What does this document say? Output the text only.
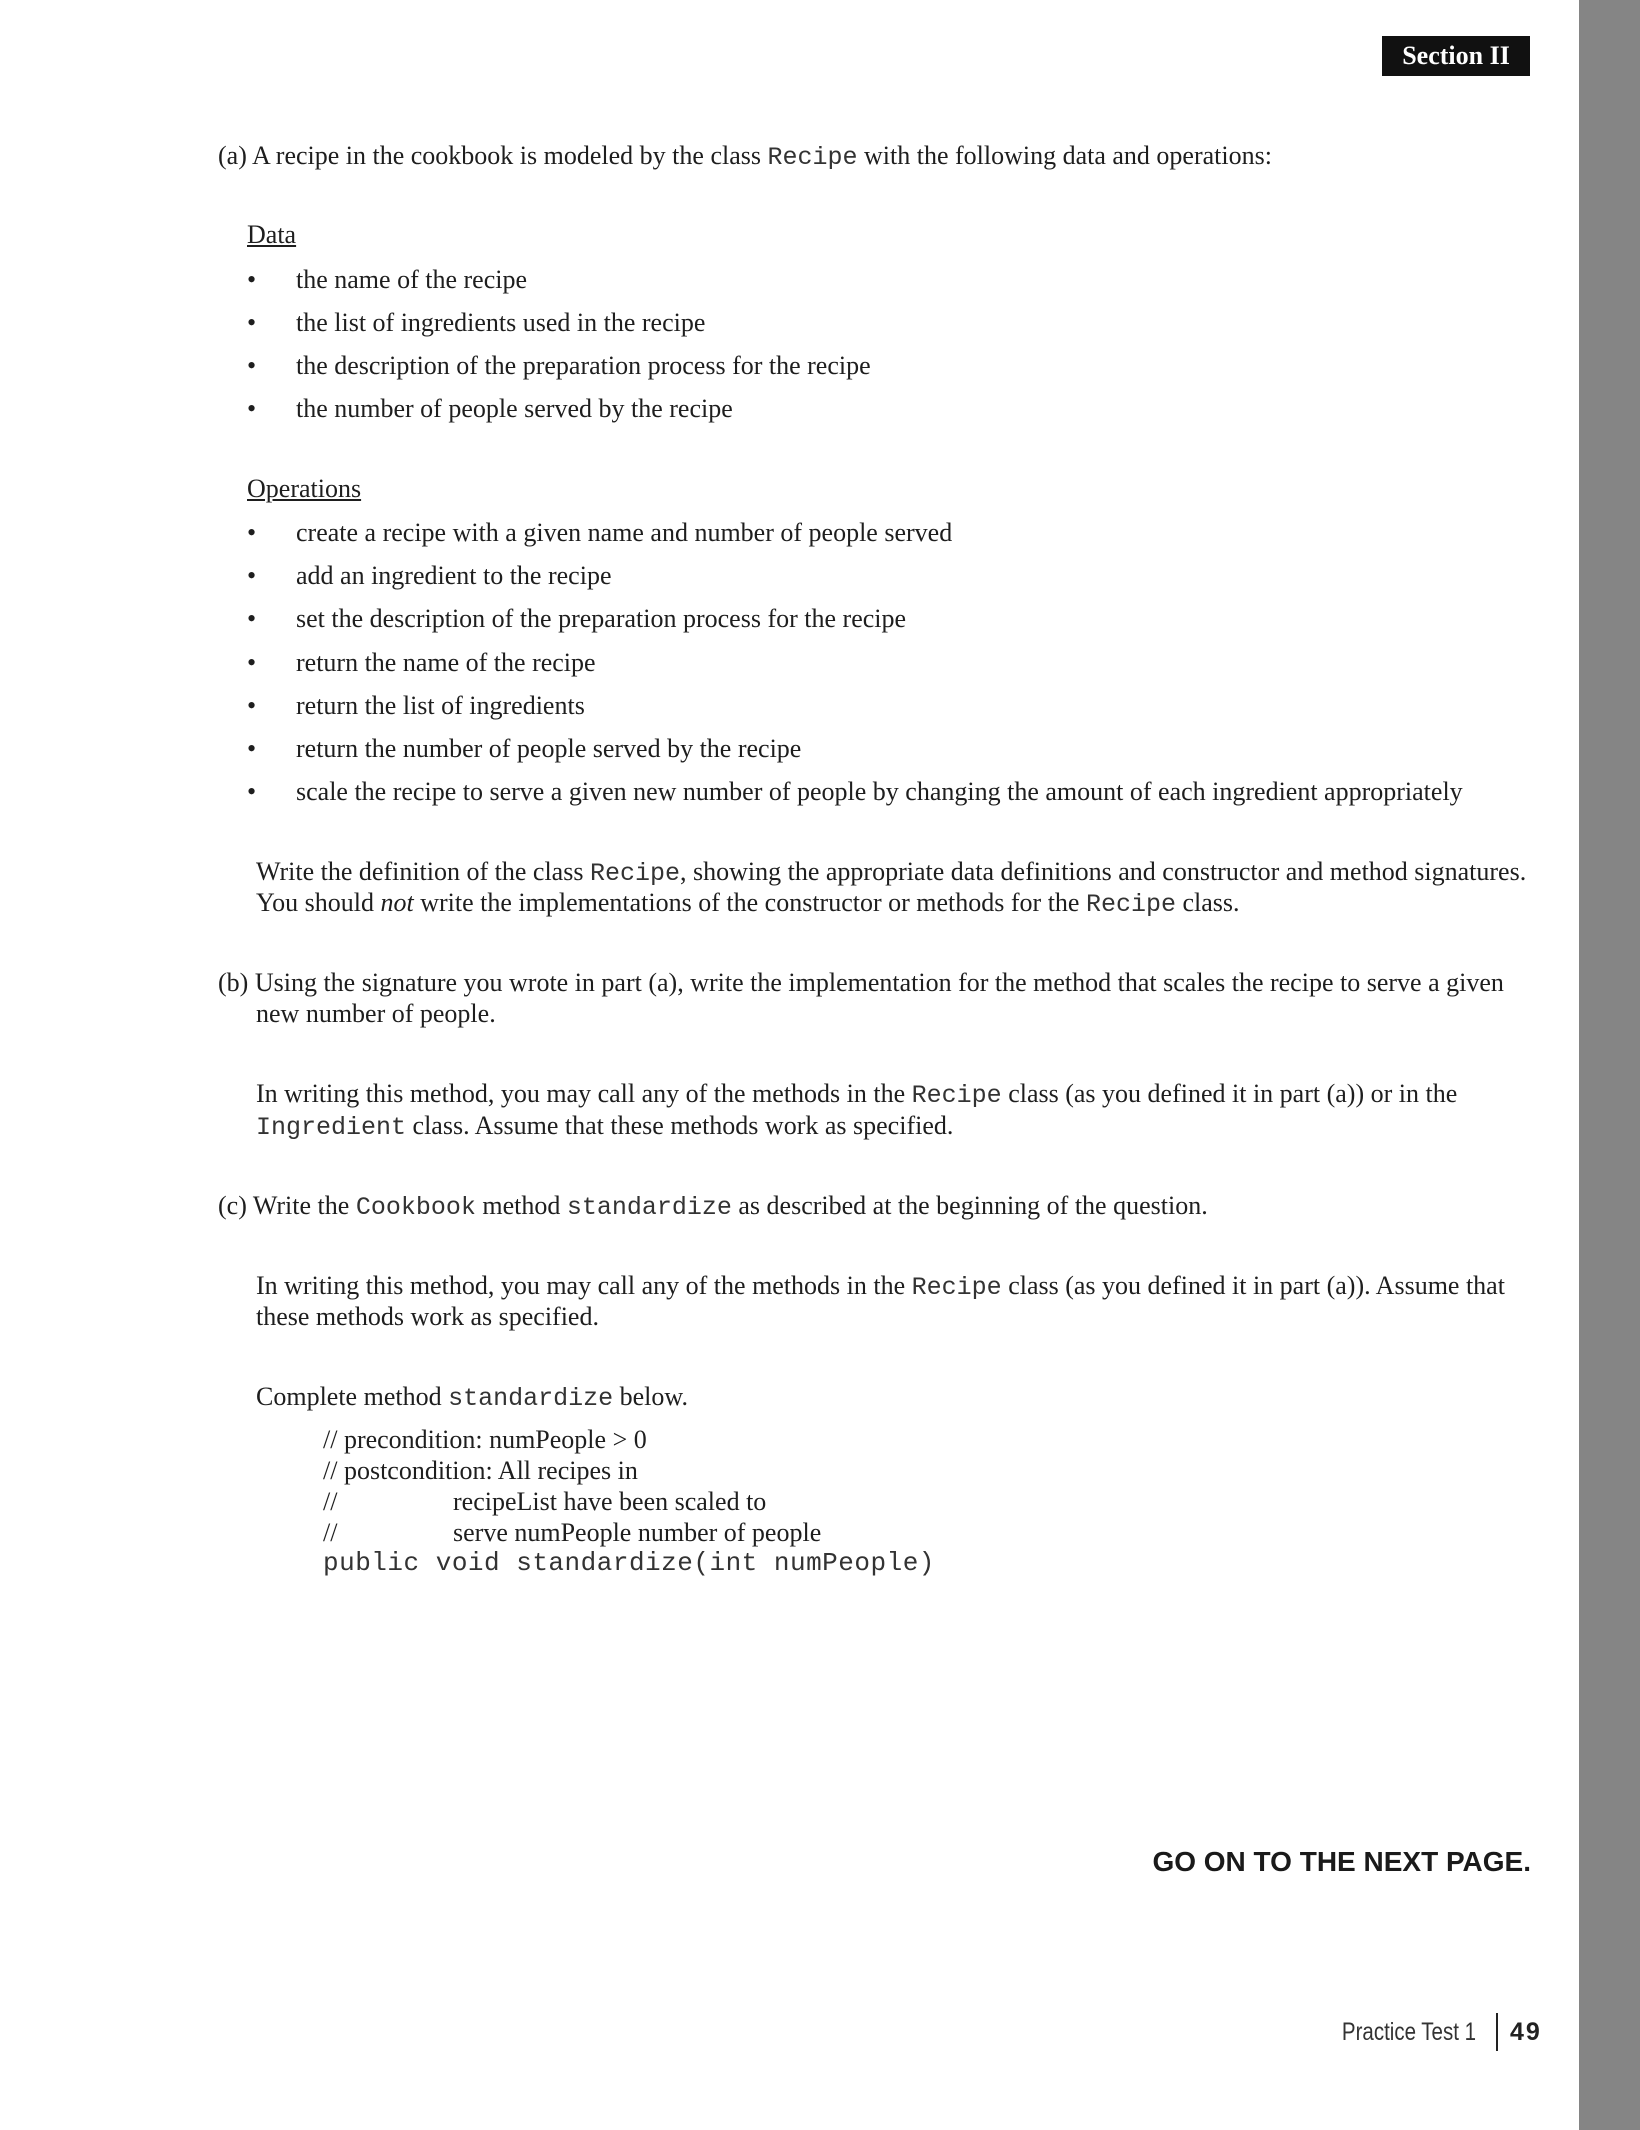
Section II
(a) A recipe in the cookbook is modeled by the class Recipe with the following data and operations:
Data
• the name of the recipe
• the list of ingredients used in the recipe
• the description of the preparation process for the recipe
• the number of people served by the recipe
Operations
• create a recipe with a given name and number of people served
• add an ingredient to the recipe
• set the description of the preparation process for the recipe
• return the name of the recipe
• return the list of ingredients
• return the number of people served by the recipe
• scale the recipe to serve a given new number of people by changing the amount of each ingredient appropriately
Write the definition of the class Recipe, showing the appropriate data definitions and constructor and method signatures.
You should not write the implementations of the constructor or methods for the Recipe class.
(b) Using the signature you wrote in part (a), write the implementation for the method that scales the recipe to serve a given
new number of people.
In writing this method, you may call any of the methods in the Recipe class (as you defined it in part (a)) or in the
Ingredient class. Assume that these methods work as specified.
(c) Write the Cookbook method standardize as described at the beginning of the question.
In writing this method, you may call any of the methods in the Recipe class (as you defined it in part (a)). Assume that
these methods work as specified.
Complete method standardize below.
// precondition: numPeople > 0
// postcondition: All recipes in
//	recipeList have been scaled to
//	serve numPeople number of people
public void standardize(int numPeople)
GO ON TO THE NEXT PAGE.
Practice Test 1 49
